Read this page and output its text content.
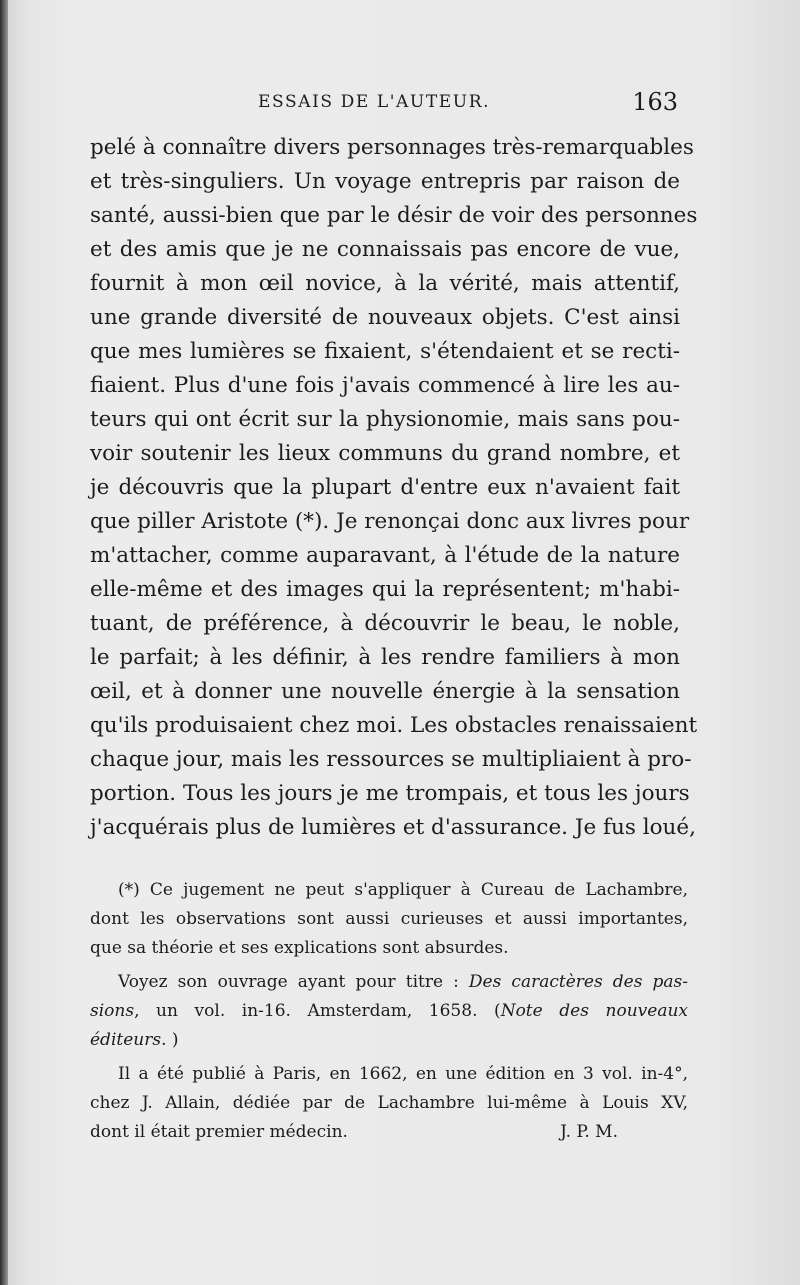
ESSAIS DE L'AUTEUR.	163
pelé à connaître divers personnages très-remarquables
et très-singuliers. Un voyage entrepris par raison de
santé, aussi-bien que par le désir de voir des personnes
et des amis que je ne connaissais pas encore de vue,
fournit à mon œil novice, à la vérité, mais attentif,
une grande diversité de nouveaux objets. C'est ainsi
que mes lumières se fixaient, s'étendaient et se recti-
fiaient. Plus d'une fois j'avais commencé à lire les au-
teurs qui ont écrit sur la physionomie, mais sans pou-
voir soutenir les lieux communs du grand nombre, et
je découvris que la plupart d'entre eux n'avaient fait
que piller Aristote (*). Je renonçai donc aux livres pour
m'attacher, comme auparavant, à l'étude de la nature
elle-même et des images qui la représentent; m'habi-
tuant, de préférence, à découvrir le beau, le noble,
le parfait; à les définir, à les rendre familiers à mon
œil, et à donner une nouvelle énergie à la sensation
qu'ils produisaient chez moi. Les obstacles renaissaient
chaque jour, mais les ressources se multipliaient à pro-
portion. Tous les jours je me trompais, et tous les jours
j'acquérais plus de lumières et d'assurance. Je fus loué,
(*) Ce jugement ne peut s'appliquer à Cureau de Lachambre,
dont les observations sont aussi curieuses et aussi importantes,
que sa théorie et ses explications sont absurdes.
Voyez son ouvrage ayant pour titre : Des caractères des pas-
sions, un vol. in-16. Amsterdam, 1658. (Note des nouveaux
éditeurs. )
Il a été publié à Paris, en 1662, en une édition en 3 vol. in-4°,
chez J. Allain, dédiée par de Lachambre lui-même à Louis XV,
dont il était premier médecin.	J. P. M.
